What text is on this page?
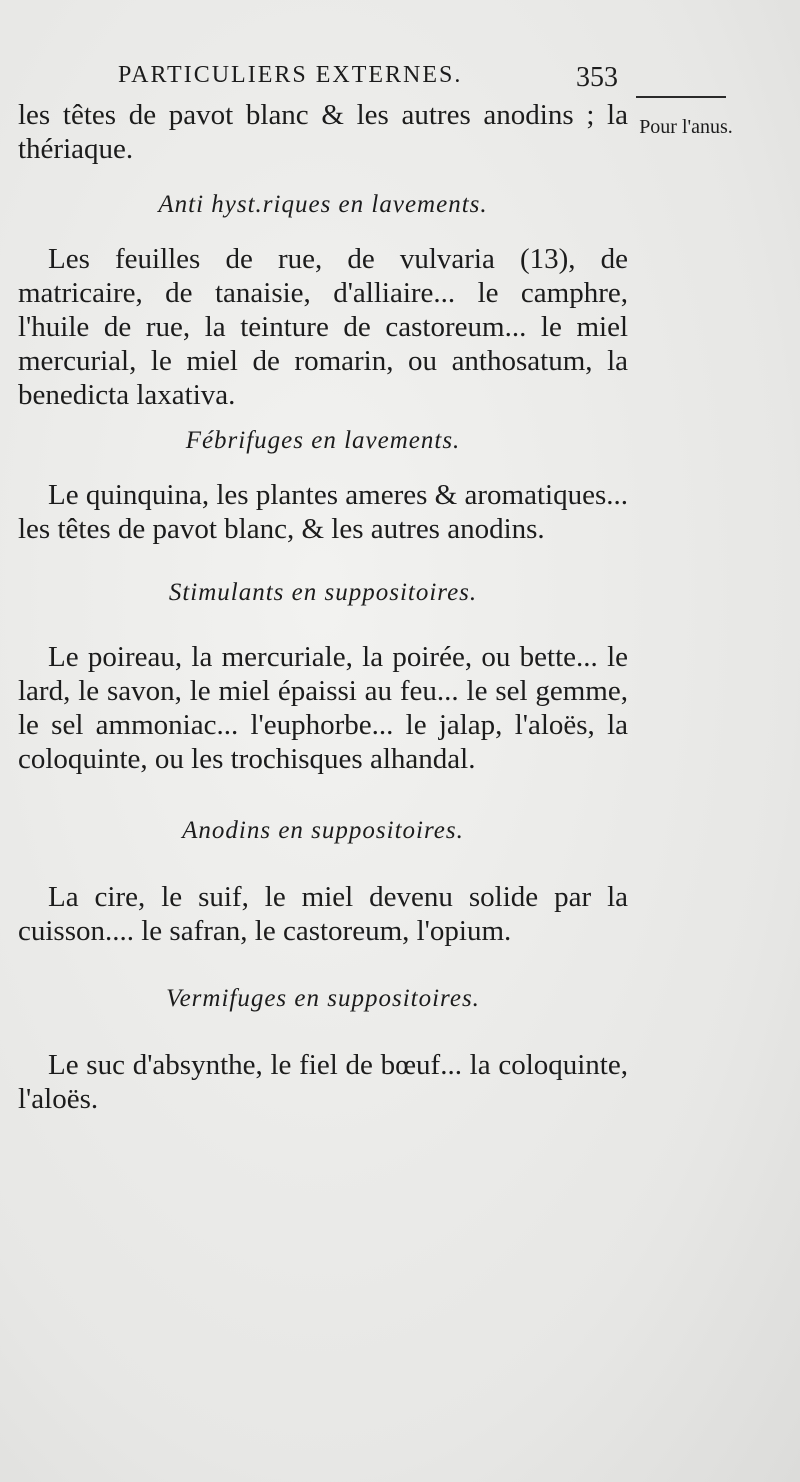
PARTICULIERS EXTERNES.	353
Pour l'anus.

les têtes de pavot blanc & les autres anodins ; la thériaque.

Anti hyst.riques en lavements.

Les feuilles de rue, de vulvaria (13), de matricaire, de tanaisie, d'alliaire... le camphre, l'huile de rue, la teinture de castoreum... le miel mercurial, le miel de romarin, ou anthosatum, la benedicta laxativa.

Fébrifuges en lavements.

Le quinquina, les plantes ameres & aromatiques... les têtes de pavot blanc, & les autres anodins.

Stimulants en suppositoires.

Le poireau, la mercuriale, la poirée, ou bette... le lard, le savon, le miel épaissi au feu... le sel gemme, le sel ammoniac... l'euphorbe... le jalap, l'aloës, la coloquinte, ou les trochisques alhandal.

Anodins en suppositoires.

La cire, le suif, le miel devenu solide par la cuisson.... le safran, le castoreum, l'opium.

Vermifuges en suppositoires.

Le suc d'absynthe, le fiel de bœuf... la coloquinte, l'aloës.
